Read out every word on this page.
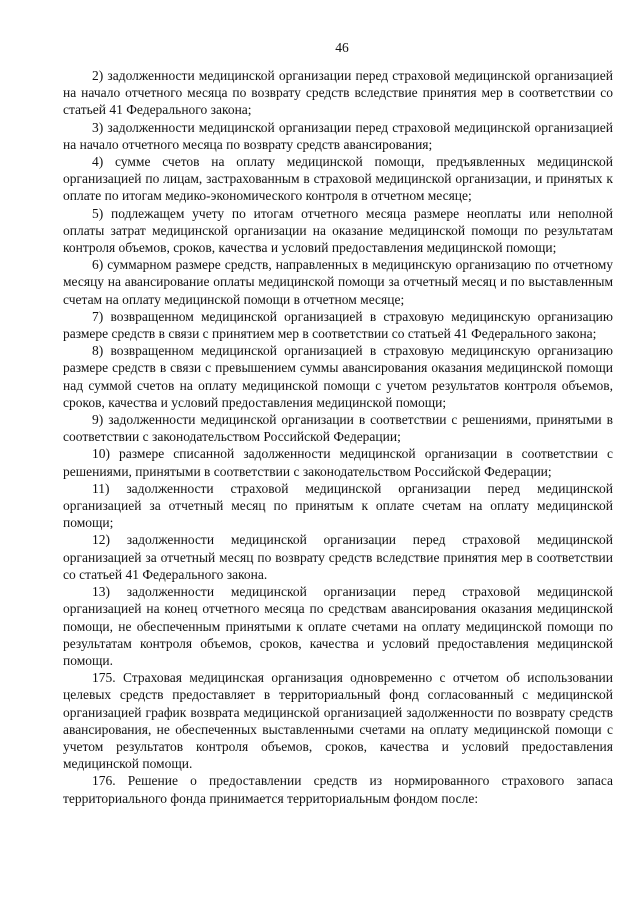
46

2) задолженности медицинской организации перед страховой медицинской организацией на начало отчетного месяца по возврату средств вследствие принятия мер в соответствии со статьей 41 Федерального закона;

3) задолженности медицинской организации перед страховой медицинской организацией на начало отчетного месяца по возврату средств авансирования;

4) сумме счетов на оплату медицинской помощи, предъявленных медицинской организацией по лицам, застрахованным в страховой медицинской организации, и принятых к оплате по итогам медико-экономического контроля в отчетном месяце;

5) подлежащем учету по итогам отчетного месяца размере неоплаты или неполной оплаты затрат медицинской организации на оказание медицинской помощи по результатам контроля объемов, сроков, качества и условий предоставления медицинской помощи;

6) суммарном размере средств, направленных в медицинскую организацию по отчетному месяцу на авансирование оплаты медицинской помощи за отчетный месяц и по выставленным счетам на оплату медицинской помощи в отчетном месяце;

7) возвращенном медицинской организацией в страховую медицинскую организацию размере средств в связи с принятием мер в соответствии со статьей 41 Федерального закона;

8) возвращенном медицинской организацией в страховую медицинскую организацию размере средств в связи с превышением суммы авансирования оказания медицинской помощи над суммой счетов на оплату медицинской помощи с учетом результатов контроля объемов, сроков, качества и условий предоставления медицинской помощи;

9) задолженности медицинской организации в соответствии с решениями, принятыми в соответствии с законодательством Российской Федерации;

10) размере списанной задолженности медицинской организации в соответствии с решениями, принятыми в соответствии с законодательством Российской Федерации;

11) задолженности страховой медицинской организации перед медицинской организацией за отчетный месяц по принятым к оплате счетам на оплату медицинской помощи;

12) задолженности медицинской организации перед страховой медицинской организацией за отчетный месяц по возврату средств вследствие принятия мер в соответствии со статьей 41 Федерального закона.

13) задолженности медицинской организации перед страховой медицинской организацией на конец отчетного месяца по средствам авансирования оказания медицинской помощи, не обеспеченным принятыми к оплате счетами на оплату медицинской помощи по результатам контроля объемов, сроков, качества и условий предоставления медицинской помощи.

175. Страховая медицинская организация одновременно с отчетом об использовании целевых средств предоставляет в территориальный фонд согласованный с медицинской организацией график возврата медицинской организацией задолженности по возврату средств авансирования, не обеспеченных выставленными счетами на оплату медицинской помощи с учетом результатов контроля объемов, сроков, качества и условий предоставления медицинской помощи.

176. Решение о предоставлении средств из нормированного страхового запаса территориального фонда принимается территориальным фондом после:
